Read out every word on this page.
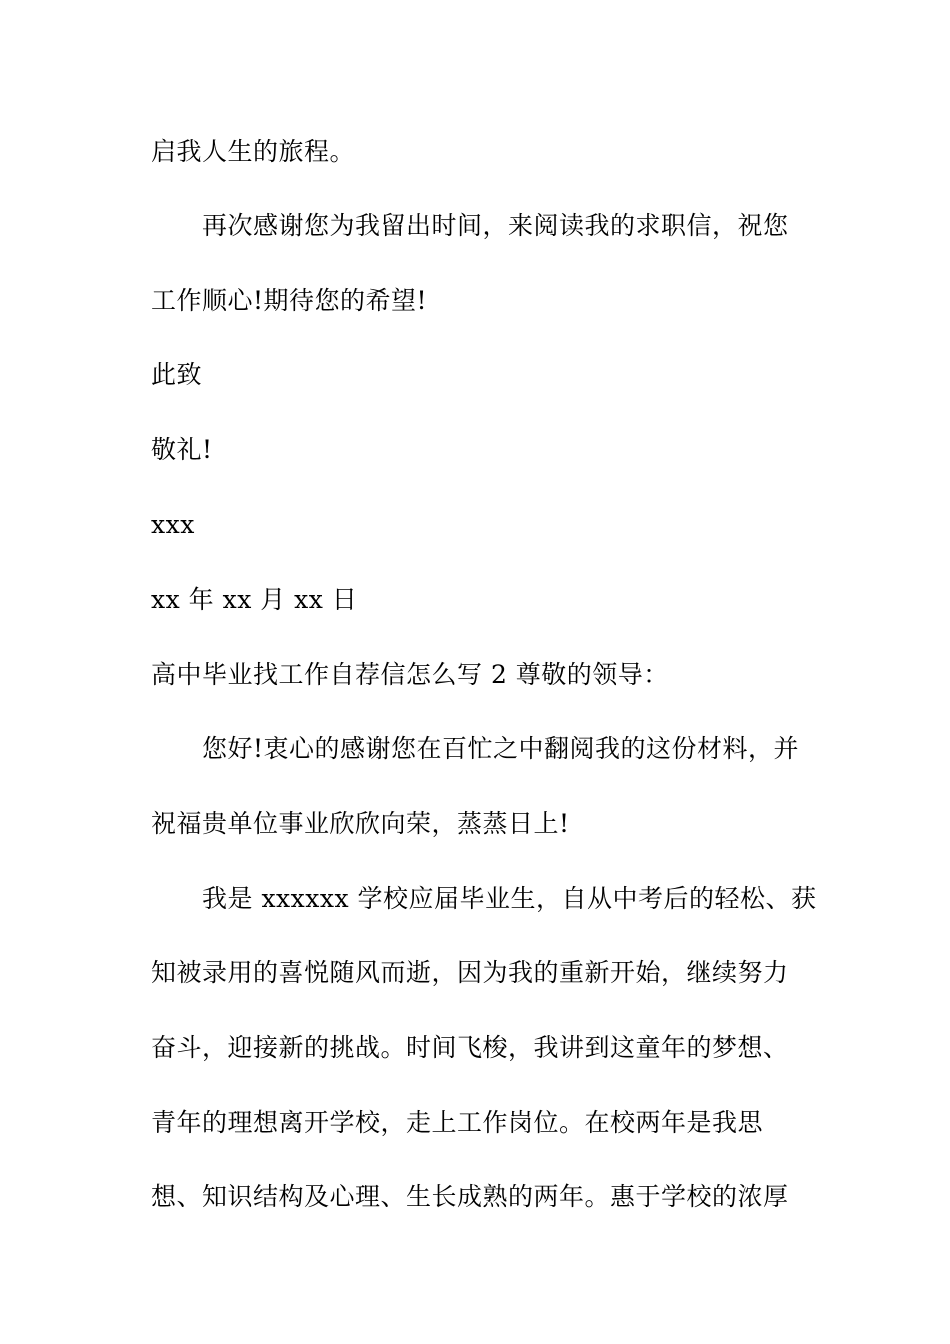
启我人生的旅程。
再次感谢您为我留出时间，来阅读我的求职信，祝您
工作顺心!期待您的希望!
此致
敬礼!
xxx
xx 年 xx 月 xx 日
高中毕业找工作自荐信怎么写 2 尊敬的领导：
您好!衷心的感谢您在百忙之中翻阅我的这份材料，并
祝福贵单位事业欣欣向荣，蒸蒸日上!
我是 xxxxxx 学校应届毕业生，自从中考后的轻松、获
知被录用的喜悦随风而逝，因为我的重新开始，继续努力
奋斗，迎接新的挑战。时间飞梭，我讲到这童年的梦想、
青年的理想离开学校，走上工作岗位。在校两年是我思
想、知识结构及心理、生长成熟的两年。惠于学校的浓厚
